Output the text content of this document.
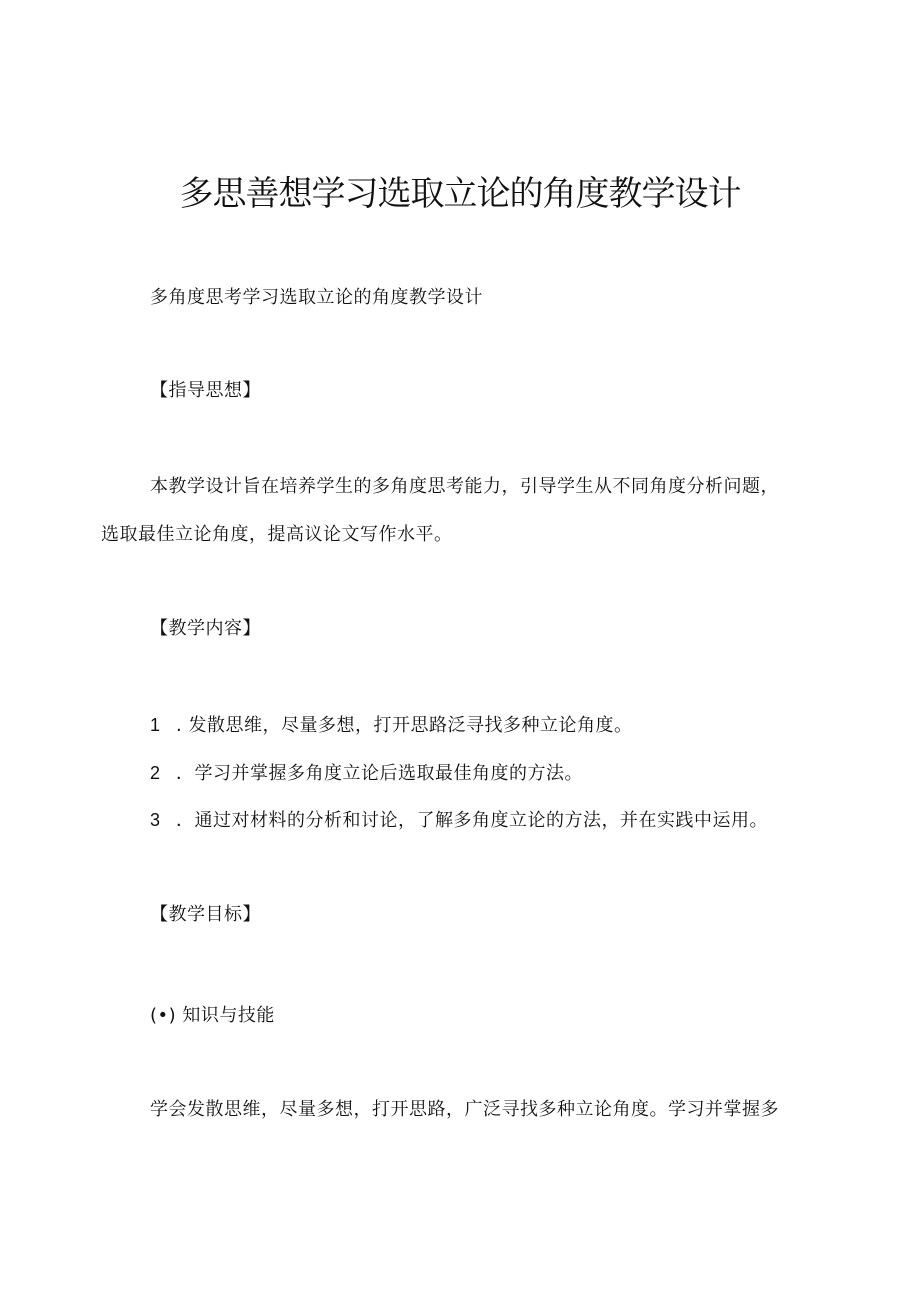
多思善想学习选取立论的角度教学设计

多角度思考学习选取立论的角度教学设计

【指导思想】

本教学设计旨在培养学生的多角度思考能力，引导学生从不同角度分析问题，

选取最佳立论角度，提高议论文写作水平。

【教学内容】

1 . 发散思维，尽量多想，打开思路泛寻找多种立论角度。

2 ．学习并掌握多角度立论后选取最佳角度的方法。

3 ．通过对材料的分析和讨论，了解多角度立论的方法，并在实践中运用。

【教学目标】

(•) 知识与技能

学会发散思维，尽量多想，打开思路，广泛寻找多种立论角度。学习并掌握多
